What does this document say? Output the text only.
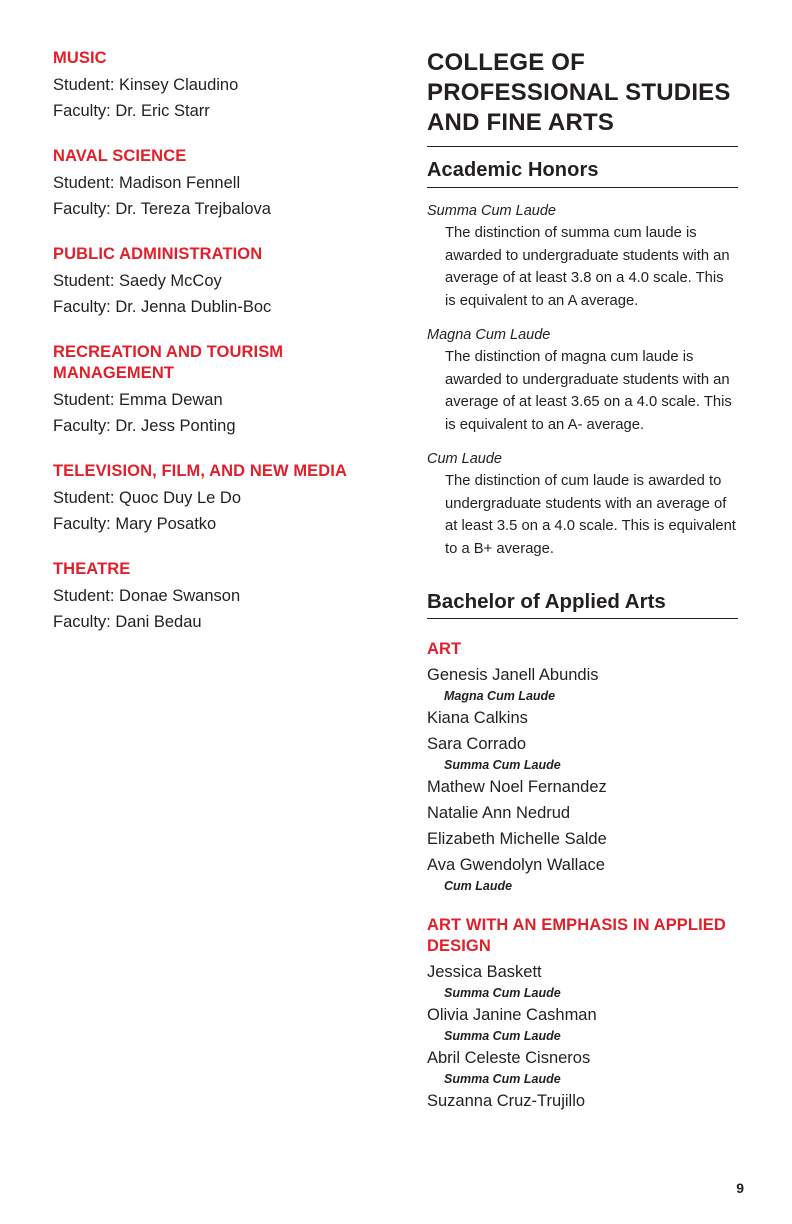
MUSIC
Student: Kinsey Claudino
Faculty: Dr. Eric Starr
NAVAL SCIENCE
Student: Madison Fennell
Faculty: Dr. Tereza Trejbalova
PUBLIC ADMINISTRATION
Student: Saedy McCoy
Faculty: Dr. Jenna Dublin-Boc
RECREATION AND TOURISM MANAGEMENT
Student: Emma Dewan
Faculty: Dr. Jess Ponting
TELEVISION, FILM, AND NEW MEDIA
Student: Quoc Duy Le Do
Faculty: Mary Posatko
THEATRE
Student: Donae Swanson
Faculty: Dani Bedau
COLLEGE OF PROFESSIONAL STUDIES AND FINE ARTS
Academic Honors
Summa Cum Laude
The distinction of summa cum laude is awarded to undergraduate students with an average of at least 3.8 on a 4.0 scale. This is equivalent to an A average.
Magna Cum Laude
The distinction of magna cum laude is awarded to undergraduate students with an average of at least 3.65 on a 4.0 scale. This is equivalent to an A- average.
Cum Laude
The distinction of cum laude is awarded to undergraduate students with an average of at least 3.5 on a 4.0 scale. This is equivalent to a B+ average.
Bachelor of Applied Arts
ART
Genesis Janell Abundis
Magna Cum Laude
Kiana Calkins
Sara Corrado
Summa Cum Laude
Mathew Noel Fernandez
Natalie Ann Nedrud
Elizabeth Michelle Salde
Ava Gwendolyn Wallace
Cum Laude
ART WITH AN EMPHASIS IN APPLIED DESIGN
Jessica Baskett
Summa Cum Laude
Olivia Janine Cashman
Summa Cum Laude
Abril Celeste Cisneros
Summa Cum Laude
Suzanna Cruz-Trujillo
9
